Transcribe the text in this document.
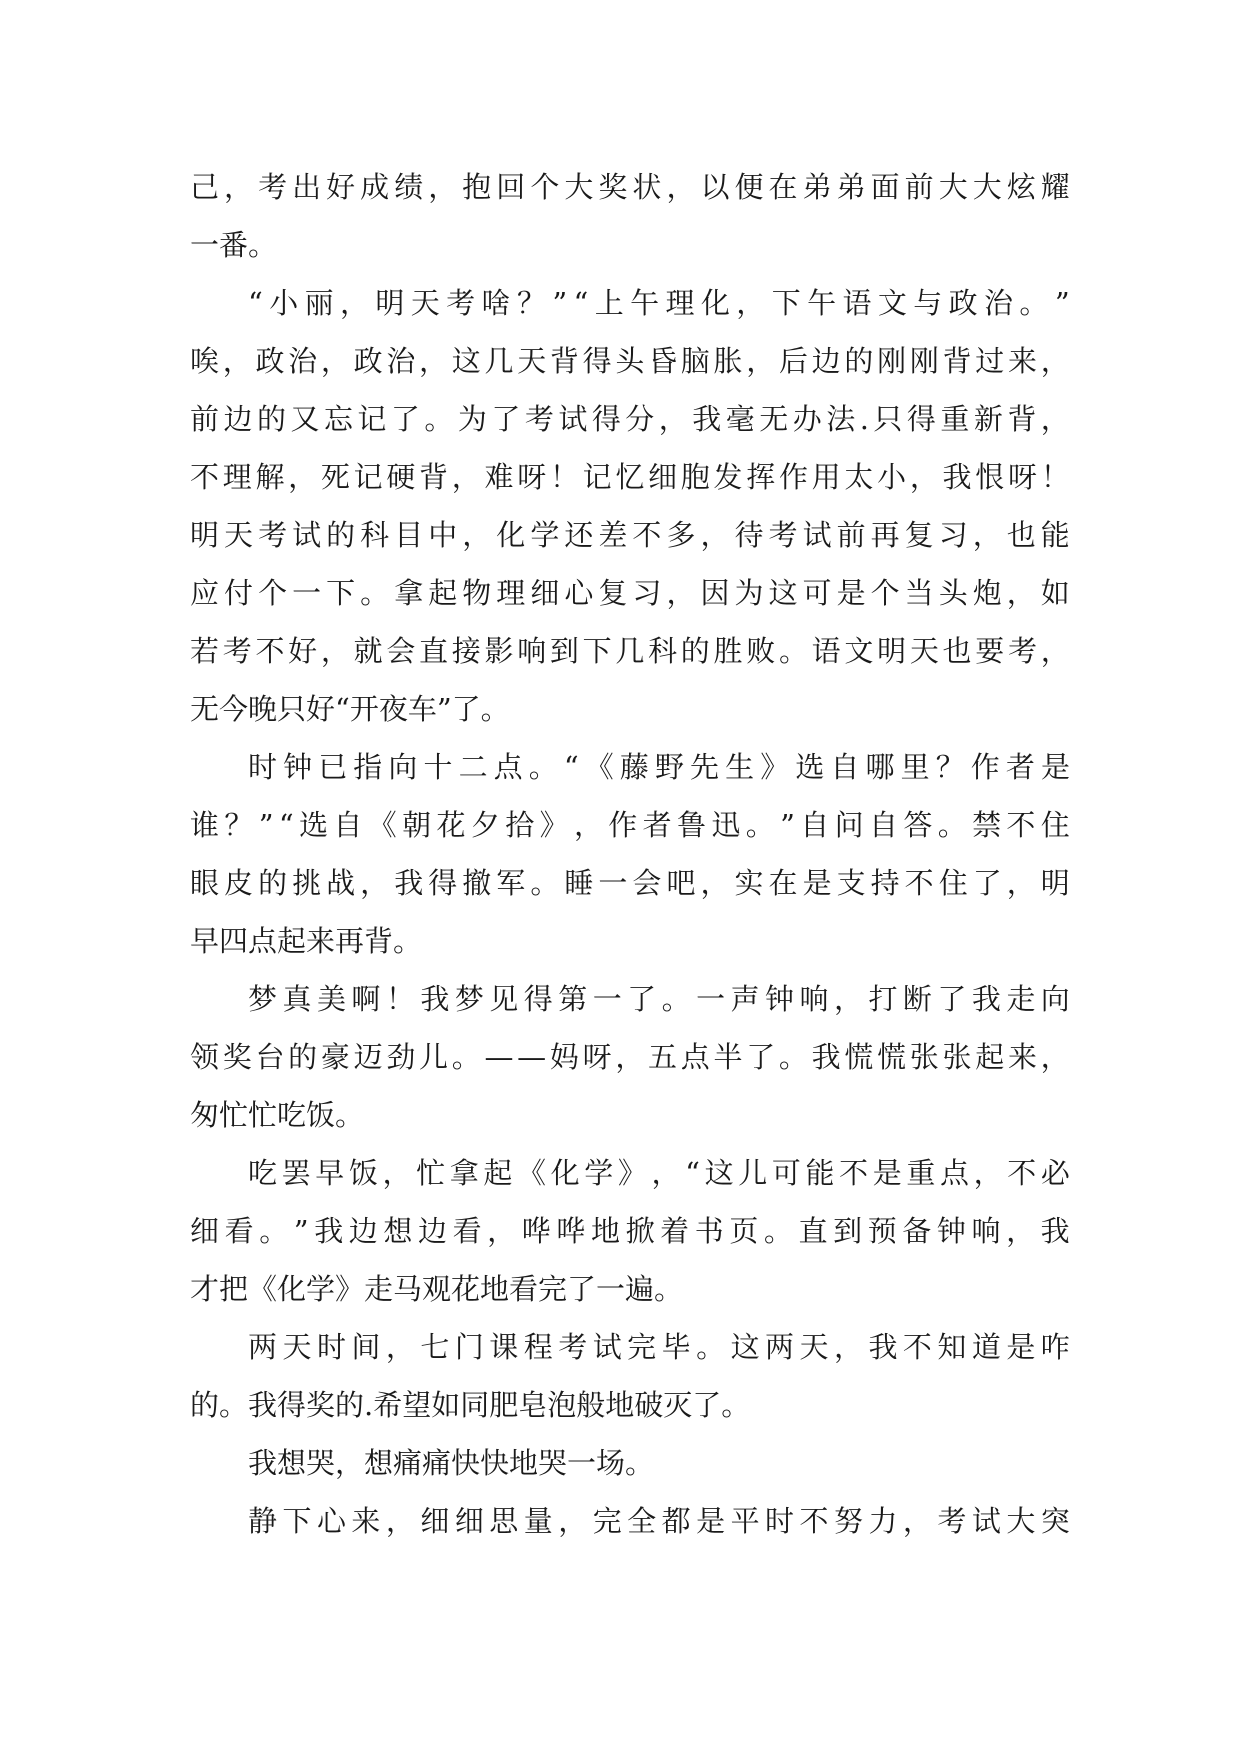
己 ， 考 出 好 成 绩 ， 抱 回 个 大 奖 状 ， 以 便 在 弟 弟 面 前 大 大 炫 耀
一番。
“ 小 丽 ， 明 天 考 啥 ？ ” “ 上 午 理 化 ， 下 午 语 文 与 政 治 。 ”
唉 ， 政 治 ， 政 治 ， 这 几 天 背 得 头 昏 脑 胀 ， 后 边 的 刚 刚 背 过 来 ，
前 边 的 又 忘 记 了 。 为 了 考 试 得 分 ， 我 毫 无 办 法 . 只 得 重 新 背 ，
不 理 解 ， 死 记 硬 背 ， 难 呀 ！ 记 忆 细 胞 发 挥 作 用 太 小 ， 我 恨 呀 ！
明 天 考 试 的 科 目 中 ， 化 学 还 差 不 多 ， 待 考 试 前 再 复 习 ， 也 能
应 付 个 一 下 。 拿 起 物 理 细 心 复 习 ， 因 为 这 可 是 个 当 头 炮 ， 如
若 考 不 好 ， 就 会 直 接 影 响 到 下 几 科 的 胜 败 。 语 文 明 天 也 要 考 ，
无今晚只好“开夜车”了。
时 钟 已 指 向 十 二 点 。 “ 《 藤 野 先 生 》 选 自 哪 里 ？ 作 者 是
谁 ？ ” “ 选 自 《 朝 花 夕 拾 》 ， 作 者 鲁 迅 。 ” 自 问 自 答 。 禁 不 住
眼 皮 的 挑 战 ， 我 得 撤 军 。 睡 一 会 吧 ， 实 在 是 支 持 不 住 了 ， 明
早四点起来再背。
梦 真 美 啊 ！ 我 梦 见 得 第 一 了 。 一 声 钟 响 ， 打 断 了 我 走 向
领 奖 台 的 豪 迈 劲 儿 。 — — 妈 呀 ， 五 点 半 了 。 我 慌 慌 张 张 起 来 ，
匆忙忙吃饭。
吃 罢 早 饭 ， 忙 拿 起 《 化 学 》 ， “ 这 儿 可 能 不 是 重 点 ， 不 必
细 看 。 ” 我 边 想 边 看 ， 哗 哗 地 掀 着 书 页 。 直 到 预 备 钟 响 ， 我
才把《化学》走马观花地看完了一遍。
两 天 时 间 ， 七 门 课 程 考 试 完 毕 。 这 两 天 ， 我 不 知 道 是 咋
的。我得奖的.希望如同肥皂泡般地破灭了。
我想哭，想痛痛快快地哭一场。
静 下 心 来 ， 细 细 思 量 ， 完 全 都 是 平 时 不 努 力 ， 考 试 大 突
